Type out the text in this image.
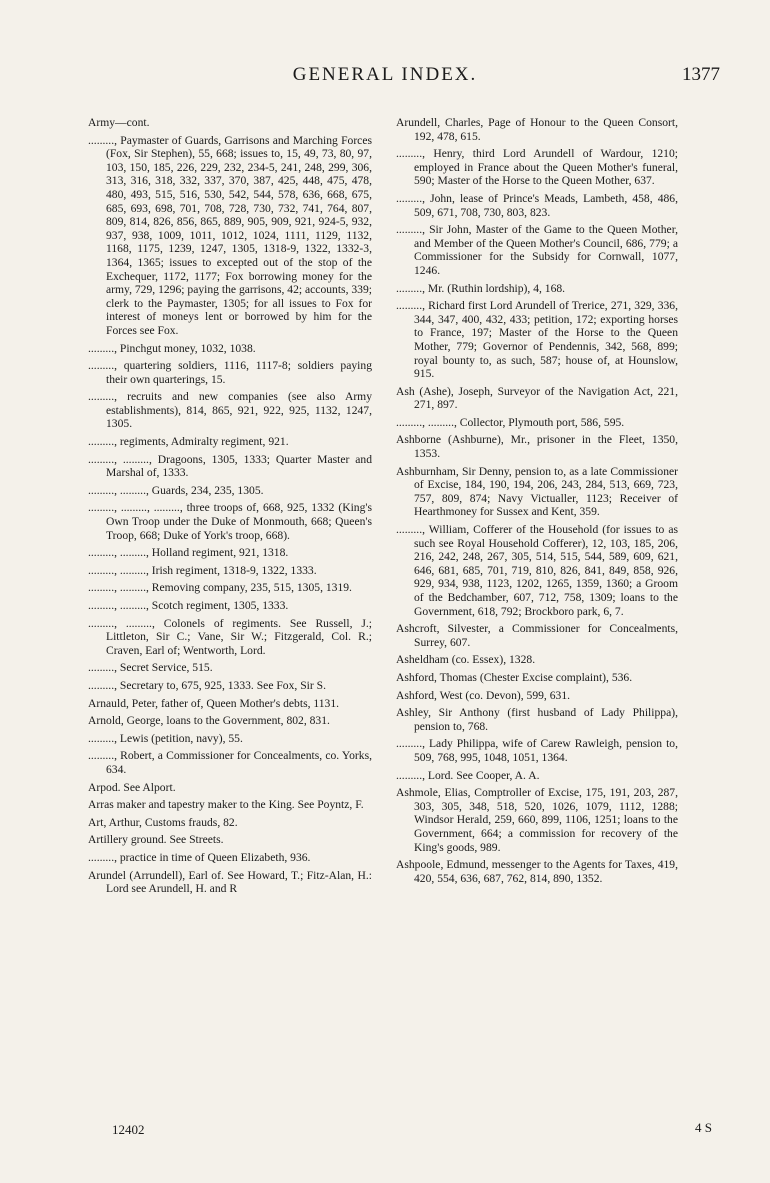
GENERAL INDEX.	1377

Army—cont.

........., Paymaster of Guards, Garrisons and Marching Forces (Fox, Sir Stephen), 55, 668; issues to, 15, 49, 73, 80, 97, 103, 150, 185, 226, 229, 232, 234-5, 241, 248, 299, 306, 313, 316, 318, 332, 337, 370, 387, 425, 448, 475, 478, 480, 493, 515, 516, 530, 542, 544, 578, 636, 668, 675, 685, 693, 698, 701, 708, 728, 730, 732, 741, 764, 807, 809, 814, 826, 856, 865, 889, 905, 909, 921, 924-5, 932, 937, 938, 1009, 1011, 1012, 1024, 1111, 1129, 1132, 1168, 1175, 1239, 1247, 1305, 1318-9, 1322, 1332-3, 1364, 1365; issues to excepted out of the stop of the Exchequer, 1172, 1177; Fox borrowing money for the army, 729, 1296; paying the garrisons, 42; accounts, 339; clerk to the Paymaster, 1305; for all issues to Fox for interest of moneys lent or borrowed by him for the Forces see Fox.

........., Pinchgut money, 1032, 1038.

........., quartering soldiers, 1116, 1117-8; soldiers paying their own quarterings, 15.

........., recruits and new companies (see also Army establishments), 814, 865, 921, 922, 925, 1132, 1247, 1305.

........., regiments, Admiralty regiment, 921.

........., ........., Dragoons, 1305, 1333; Quarter Master and Marshal of, 1333.

........., ........., Guards, 234, 235, 1305.

........., ........., ........., three troops of, 668, 925, 1332 (King's Own Troop under the Duke of Monmouth, 668; Queen's Troop, 668; Duke of York's troop, 668).

........., ........., Holland regiment, 921, 1318.

........., ........., Irish regiment, 1318-9, 1322, 1333.

........., ........., Removing company, 235, 515, 1305, 1319.

........., ........., Scotch regiment, 1305, 1333.

........., ........., Colonels of regiments. See Russell, J.; Littleton, Sir C.; Vane, Sir W.; Fitzgerald, Col. R.; Craven, Earl of; Wentworth, Lord.

........., Secret Service, 515.

........., Secretary to, 675, 925, 1333. See Fox, Sir S.

Arnauld, Peter, father of, Queen Mother's debts, 1131.

Arnold, George, loans to the Government, 802, 831.

........., Lewis (petition, navy), 55.

........., Robert, a Commissioner for Concealments, co. Yorks, 634.

Arpod. See Alport.

Arras maker and tapestry maker to the King. See Poyntz, F.

Art, Arthur, Customs frauds, 82.

Artillery ground. See Streets.

........., practice in time of Queen Elizabeth, 936.

Arundel (Arrundell), Earl of. See Howard, T.; Fitz-Alan, H.: Lord see Arundell, H. and R

Arundell, Charles, Page of Honour to the Queen Consort, 192, 478, 615.

........., Henry, third Lord Arundell of Wardour, 1210; employed in France about the Queen Mother's funeral, 590; Master of the Horse to the Queen Mother, 637.

........., John, lease of Prince's Meads, Lambeth, 458, 486, 509, 671, 708, 730, 803, 823.

........., Sir John, Master of the Game to the Queen Mother, and Member of the Queen Mother's Council, 686, 779; a Commissioner for the Subsidy for Cornwall, 1077, 1246.

........., Mr. (Ruthin lordship), 4, 168.

........., Richard first Lord Arundell of Trerice, 271, 329, 336, 344, 347, 400, 432, 433; petition, 172; exporting horses to France, 197; Master of the Horse to the Queen Mother, 779; Governor of Pendennis, 342, 568, 899; royal bounty to, as such, 587; house of, at Hounslow, 915.

Ash (Ashe), Joseph, Surveyor of the Navigation Act, 221, 271, 897.

........., ........., Collector, Plymouth port, 586, 595.

Ashborne (Ashburne), Mr., prisoner in the Fleet, 1350, 1353.

Ashburnham, Sir Denny, pension to, as a late Commissioner of Excise, 184, 190, 194, 206, 243, 284, 513, 669, 723, 757, 809, 874; Navy Victualler, 1123; Receiver of Hearthmoney for Sussex and Kent, 359.

........., William, Cofferer of the Household (for issues to as such see Royal Household Cofferer), 12, 103, 185, 206, 216, 242, 248, 267, 305, 514, 515, 544, 589, 609, 621, 646, 681, 685, 701, 719, 810, 826, 841, 849, 858, 926, 929, 934, 938, 1123, 1202, 1265, 1359, 1360; a Groom of the Bedchamber, 607, 712, 758, 1309; loans to the Government, 618, 792; Brockboro park, 6, 7.

Ashcroft, Silvester, a Commissioner for Concealments, Surrey, 607.

Asheldham (co. Essex), 1328.

Ashford, Thomas (Chester Excise complaint), 536.

Ashford, West (co. Devon), 599, 631.

Ashley, Sir Anthony (first husband of Lady Philippa), pension to, 768.

........., Lady Philippa, wife of Carew Rawleigh, pension to, 509, 768, 995, 1048, 1051, 1364.

........., Lord. See Cooper, A. A.

Ashmole, Elias, Comptroller of Excise, 175, 191, 203, 287, 303, 305, 348, 518, 520, 1026, 1079, 1112, 1288; Windsor Herald, 259, 660, 899, 1106, 1251; loans to the Government, 664; a commission for recovery of the King's goods, 989.

Ashpoole, Edmund, messenger to the Agents for Taxes, 419, 420, 554, 636, 687, 762, 814, 890, 1352.

12402	4 S
